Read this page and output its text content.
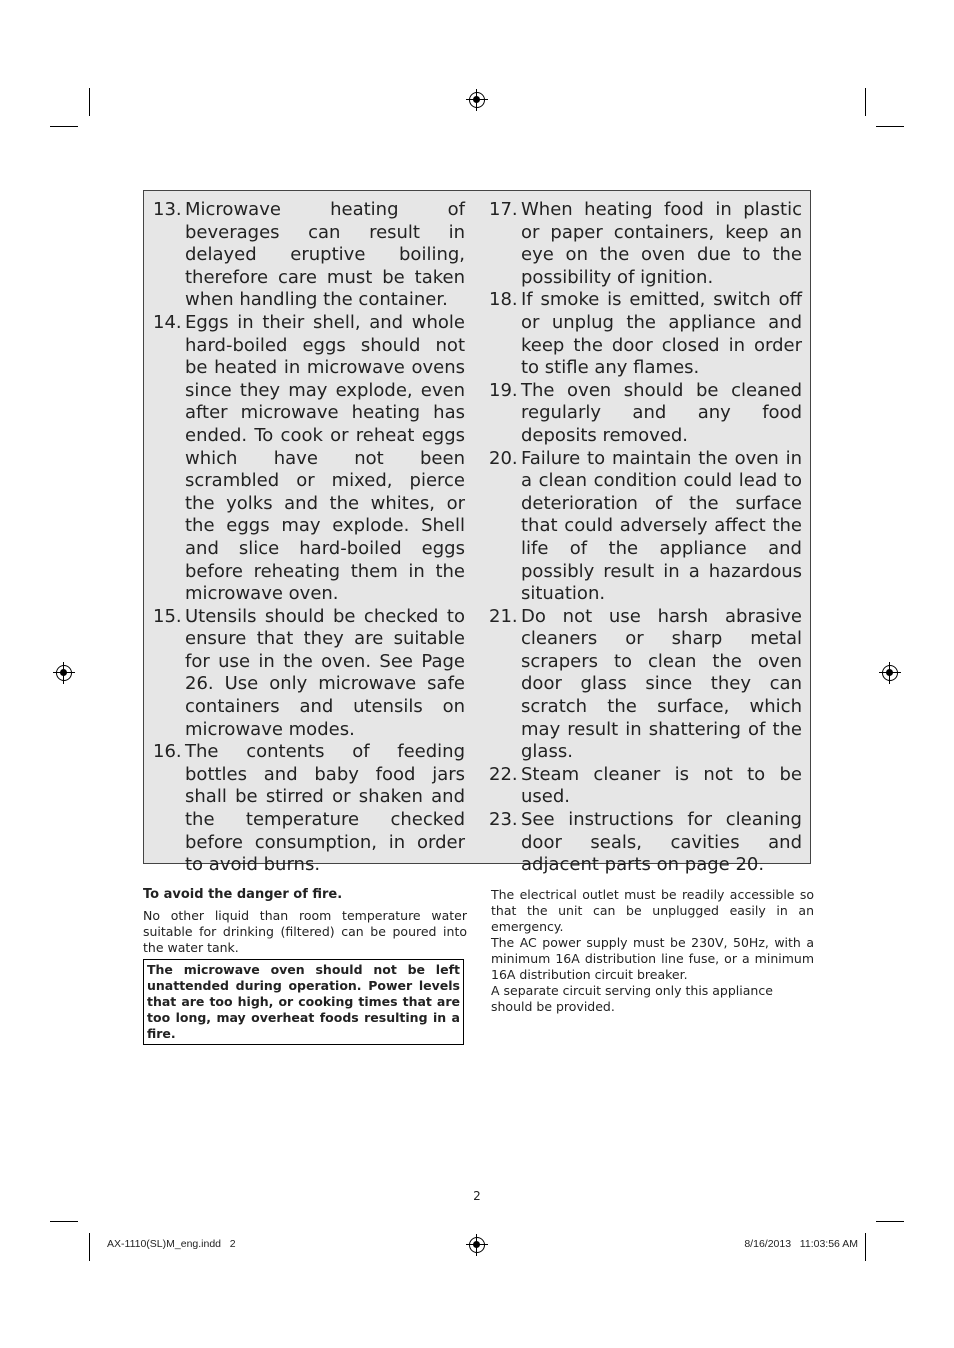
13. Microwave heating of beverages can result in delayed eruptive boiling, therefore care must be taken when handling the container.
14. Eggs in their shell, and whole hard-boiled eggs should not be heated in microwave ovens since they may explode, even after microwave heating has ended. To cook or reheat eggs which have not been scrambled or mixed, pierce the yolks and the whites, or the eggs may explode. Shell and slice hard-boiled eggs before reheating them in the microwave oven.
15. Utensils should be checked to ensure that they are suitable for use in the oven. See Page 26. Use only microwave safe containers and utensils on microwave modes.
16. The contents of feeding bottles and baby food jars shall be stirred or shaken and the temperature checked before consumption, in order to avoid burns.
17. When heating food in plastic or paper containers, keep an eye on the oven due to the possibility of ignition.
18. If smoke is emitted, switch off or unplug the appliance and keep the door closed in order to stifle any flames.
19. The oven should be cleaned regularly and any food deposits removed.
20. Failure to maintain the oven in a clean condition could lead to deterioration of the surface that could adversely affect the life of the appliance and possibly result in a hazardous situation.
21. Do not use harsh abrasive cleaners or sharp metal scrapers to clean the oven door glass since they can scratch the surface, which may result in shattering of the glass.
22. Steam cleaner is not to be used.
23. See instructions for cleaning door seals, cavities and adjacent parts on page 20.
To avoid the danger of fire.

No other liquid than room temperature water suitable for drinking (filtered) can be poured into the water tank.

The microwave oven should not be left unattended during operation. Power levels that are too high, or cooking times that are too long, may overheat foods resulting in a fire.

The electrical outlet must be readily accessible so that the unit can be unplugged easily in an emergency.

The AC power supply must be 230V, 50Hz, with a minimum 16A distribution line fuse, or a minimum 16A distribution circuit breaker.

A separate circuit serving only this appliance should be provided.

2
AX-1110(SL)M_eng.indd   2	8/16/2013   11:03:56 AM
